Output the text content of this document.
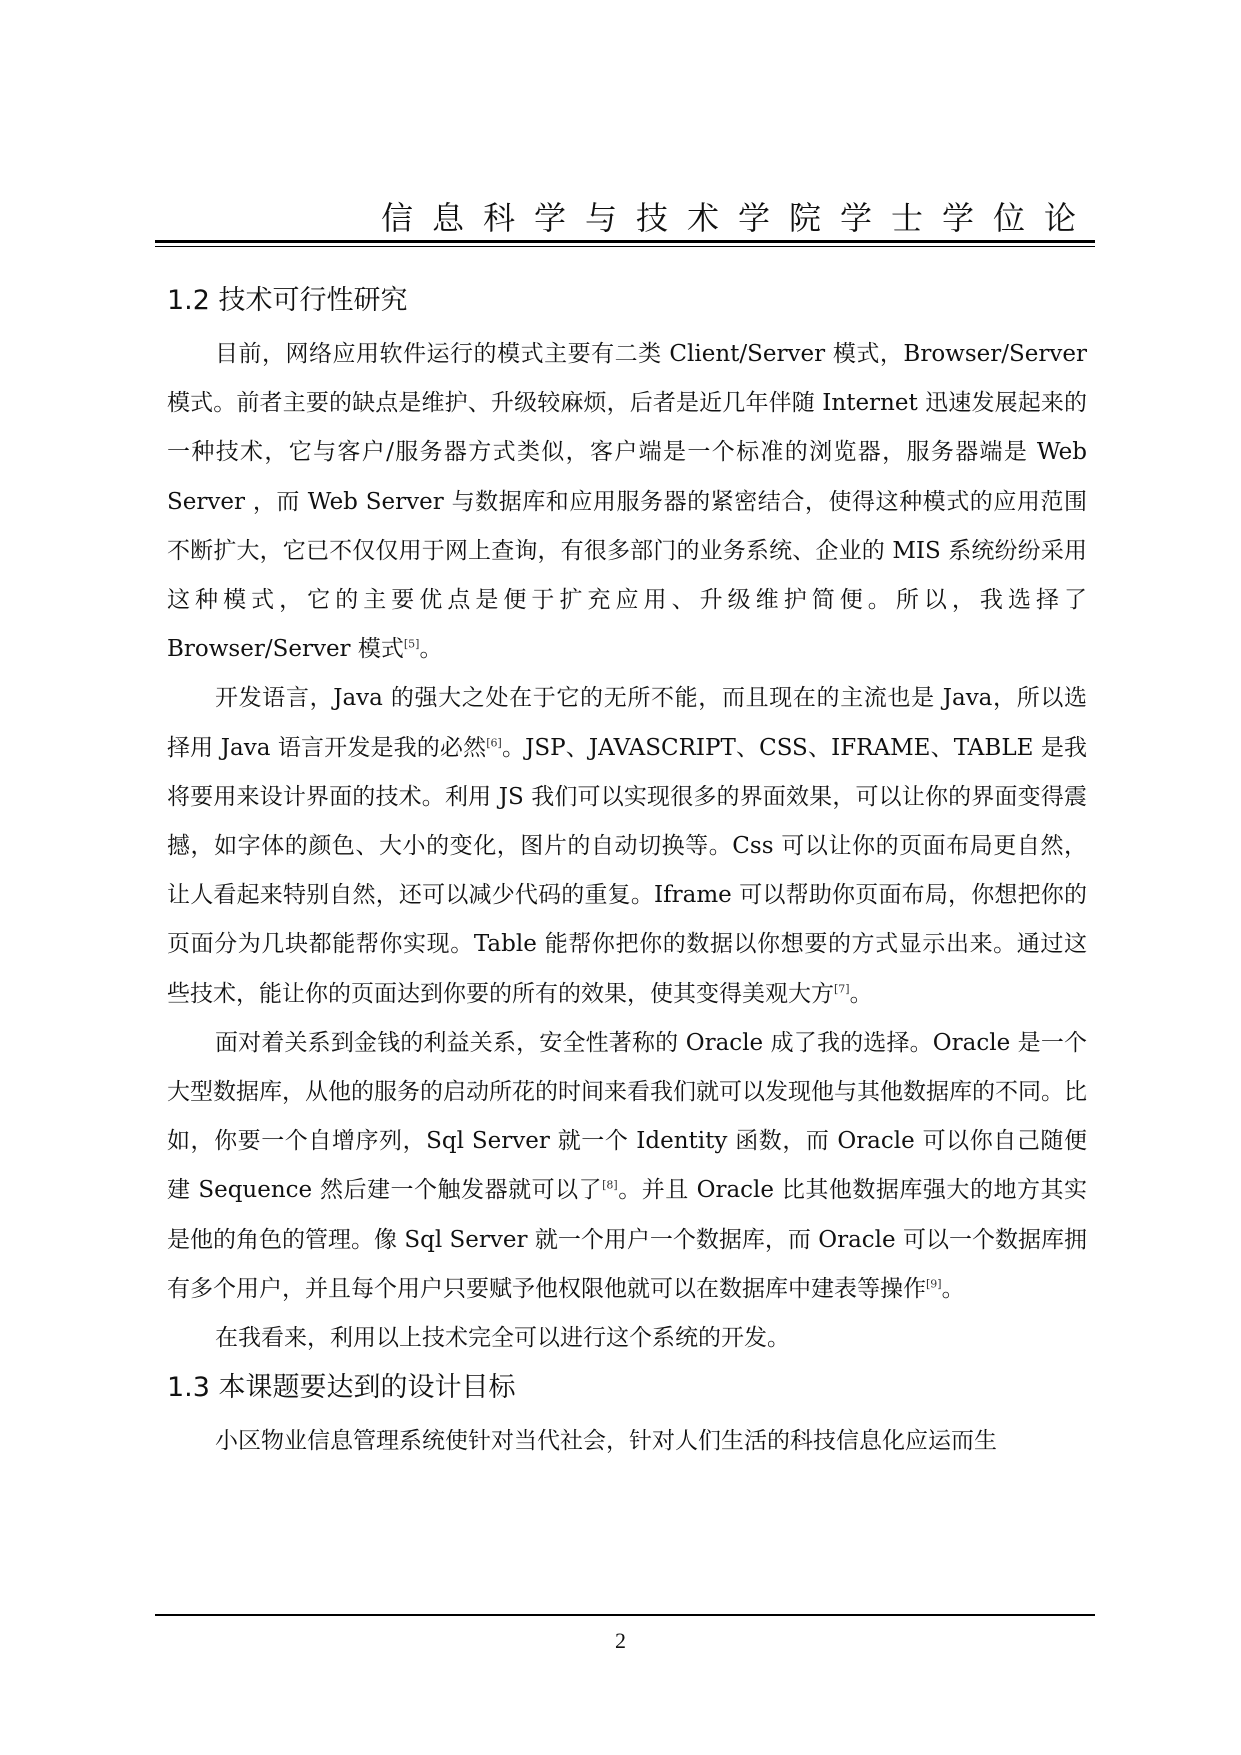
信息科学与技术学院学士学位论
1.2 技术可行性研究

目前，网络应用软件运行的模式主要有二类 Client/Server 模式，Browser/Server 模式。前者主要的缺点是维护、升级较麻烦，后者是近几年伴随 Internet 迅速发展起来的一种技术，它与客户/服务器方式类似，客户端是一个标准的浏览器，服务器端是 Web Server ，而 Web Server 与数据库和应用服务器的紧密结合，使得这种模式的应用范围不断扩大，它已不仅仅用于网上查询，有很多部门的业务系统、企业的 MIS 系统纷纷采用这种模式，它的主要优点是便于扩充应用、升级维护简便。所以，我选择了 Browser/Server 模式[5]。

开发语言，Java 的强大之处在于它的无所不能，而且现在的主流也是 Java，所以选择用 Java 语言开发是我的必然[6]。JSP、JAVASCRIPT、CSS、IFRAME、TABLE 是我将要用来设计界面的技术。利用 JS 我们可以实现很多的界面效果，可以让你的界面变得震撼，如字体的颜色、大小的变化，图片的自动切换等。Css 可以让你的页面布局更自然，让人看起来特别自然，还可以减少代码的重复。Iframe 可以帮助你页面布局，你想把你的页面分为几块都能帮你实现。Table 能帮你把你的数据以你想要的方式显示出来。通过这些技术，能让你的页面达到你要的所有的效果，使其变得美观大方[7]。

面对着关系到金钱的利益关系，安全性著称的 Oracle 成了我的选择。Oracle 是一个大型数据库，从他的服务的启动所花的时间来看我们就可以发现他与其他数据库的不同。比如，你要一个自增序列，Sql Server 就一个 Identity 函数，而 Oracle 可以你自己随便建 Sequence 然后建一个触发器就可以了[8]。并且 Oracle 比其他数据库强大的地方其实是他的角色的管理。像 Sql Server 就一个用户一个数据库，而 Oracle 可以一个数据库拥有多个用户，并且每个用户只要赋予他权限他就可以在数据库中建表等操作[9]。

在我看来，利用以上技术完全可以进行这个系统的开发。

1.3 本课题要达到的设计目标

小区物业信息管理系统使针对当代社会，针对人们生活的科技信息化应运而生

2
